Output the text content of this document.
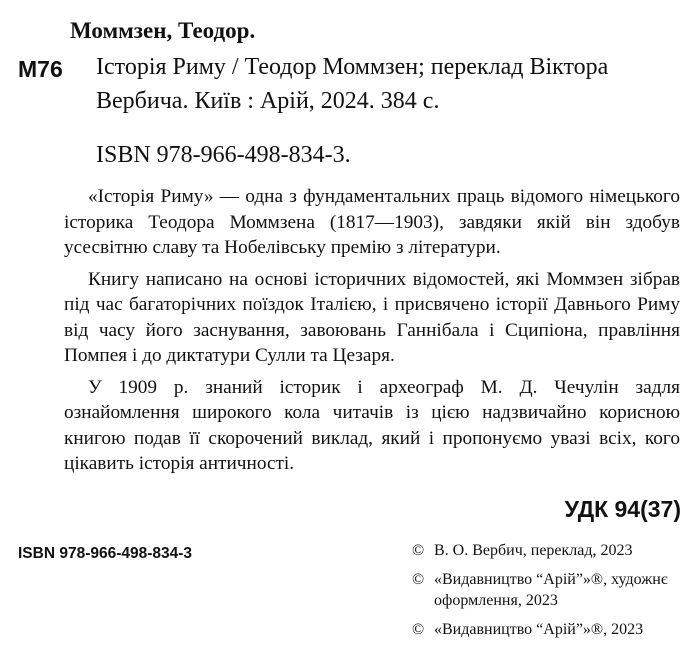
Моммзен, Теодор.
М76 Історія Риму / Теодор Моммзен; переклад Віктора
Вербича. Київ : Арій, 2024. 384 с.
ISBN 978-966-498-834-3.

«Історія Риму» — одна з фундаментальних праць відомого німецького історика Теодора Моммзена (1817—1903), завдяки якій він здобув усесвітню славу та Нобелівську премію з літератури.

Книгу написано на основі історичних відомостей, які Моммзен зібрав під час багаторічних поїздок Італією, і присвячено історії Давнього Риму від часу його заснування, завоювань Ганнібала і Сципіона, правління Помпея і до диктатури Сулли та Цезаря.

У 1909 р. знаний історик і археограф М. Д. Чечулін задля ознайомлення широкого кола читачів із цією надзвичайно корисною книгою подав її скорочений виклад, який і пропонуємо увазі всіх, кого цікавить історія античності.

УДК 94(37)
ISBN 978-966-498-834-3	© В. О. Вербич, переклад, 2023
© «Видавництво “Арій”»®, художнє оформлення, 2023
© «Видавництво “Арій”»®, 2023
